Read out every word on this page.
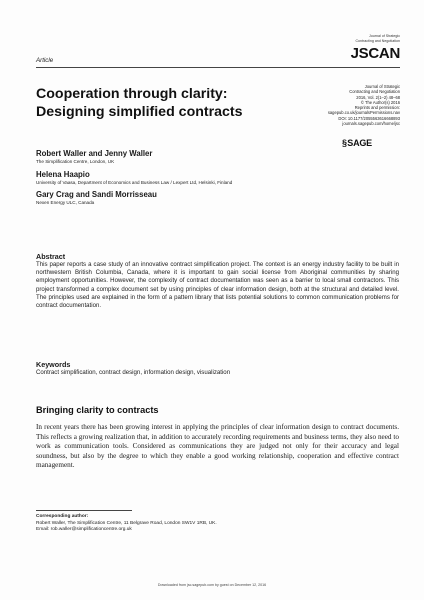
Journal of Strategic
Contracting and Negotiation
JSCAN
Article
Cooperation through clarity:
Designing simplified contracts
Journal of Strategic
Contracting and Negotiation
2016, Vol. 2(1–2) 48–68
© The Author(s) 2016
Reprints and permission:
sagepub.co.uk/journalsPermissions.nav
DOI: 10.1177/2055563616668893
journals.sagepub.com/home/jsc
§SAGE
Robert Waller and Jenny Waller
The Simplification Centre, London, UK
Helena Haapio
University of Vaasa, Department of Economics and Business Law / Lexpert Ltd, Helsinki, Finland
Gary Crag and Sandi Morrisseau
Nexen Energy ULC, Canada
Abstract

This paper reports a case study of an innovative contract simplification project. The context is an energy industry facility to be built in northwestern British Columbia, Canada, where it is important to gain social license from Aboriginal communities by sharing employment opportunities. However, the complexity of contract documentation was seen as a barrier to local small contractors. This project transformed a complex document set by using principles of clear information design, both at the structural and detailed level. The principles used are explained in the form of a pattern library that lists potential solutions to common communication problems for contract documentation.

Keywords

Contract simplification, contract design, information design, visualization

Bringing clarity to contracts

In recent years there has been growing interest in applying the principles of clear information design to contract documents. This reflects a growing realization that, in addition to accurately recording requirements and business terms, they also need to work as communication tools. Considered as communications they are judged not only for their accuracy and legal soundness, but also by the degree to which they enable a good working relationship, cooperation and effective contract management.

Corresponding author:
Robert Waller, The Simplification Centre, 11 Belgrave Road, London SW1V 1RB, UK.
Email: rob.waller@simplificationcentre.org.uk
Downloaded from jsc.sagepub.com by guest on December 12, 2016
